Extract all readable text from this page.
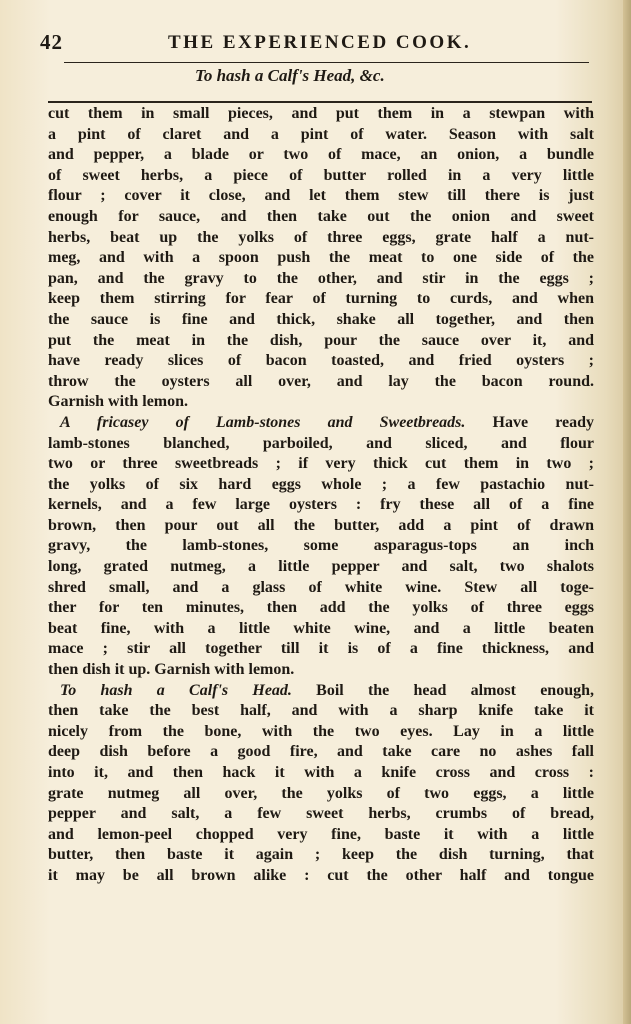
42	THE EXPERIENCED COOK.
To hash a Calf's Head, &c.
cut them in small pieces, and put them in a stewpan with
a pint of claret and a pint of water. Season with salt
and pepper, a blade or two of mace, an onion, a bundle
of sweet herbs, a piece of butter rolled in a very little
flour ; cover it close, and let them stew till there is just
enough for sauce, and then take out the onion and sweet
herbs, beat up the yolks of three eggs, grate half a nut-
meg, and with a spoon push the meat to one side of the
pan, and the gravy to the other, and stir in the eggs ;
keep them stirring for fear of turning to curds, and when
the sauce is fine and thick, shake all together, and then
put the meat in the dish, pour the sauce over it, and
have ready slices of bacon toasted, and fried oysters ;
throw the oysters all over, and lay the bacon round.
Garnish with lemon.
A fricasey of Lamb-stones and Sweetbreads. Have ready
lamb-stones blanched, parboiled, and sliced, and flour
two or three sweetbreads ; if very thick cut them in two ;
the yolks of six hard eggs whole ; a few pastachio nut-
kernels, and a few large oysters : fry these all of a fine
brown, then pour out all the butter, add a pint of drawn
gravy, the lamb-stones, some asparagus-tops an inch
long, grated nutmeg, a little pepper and salt, two shalots
shred small, and a glass of white wine. Stew all toge-
ther for ten minutes, then add the yolks of three eggs
beat fine, with a little white wine, and a little beaten
mace ; stir all together till it is of a fine thickness, and
then dish it up. Garnish with lemon.
To hash a Calf's Head. Boil the head almost enough,
then take the best half, and with a sharp knife take it
nicely from the bone, with the two eyes. Lay in a little
deep dish before a good fire, and take care no ashes fall
into it, and then hack it with a knife cross and cross :
grate nutmeg all over, the yolks of two eggs, a little
pepper and salt, a few sweet herbs, crumbs of bread,
and lemon-peel chopped very fine, baste it with a little
butter, then baste it again ; keep the dish turning, that
it may be all brown alike : cut the other half and tongue
